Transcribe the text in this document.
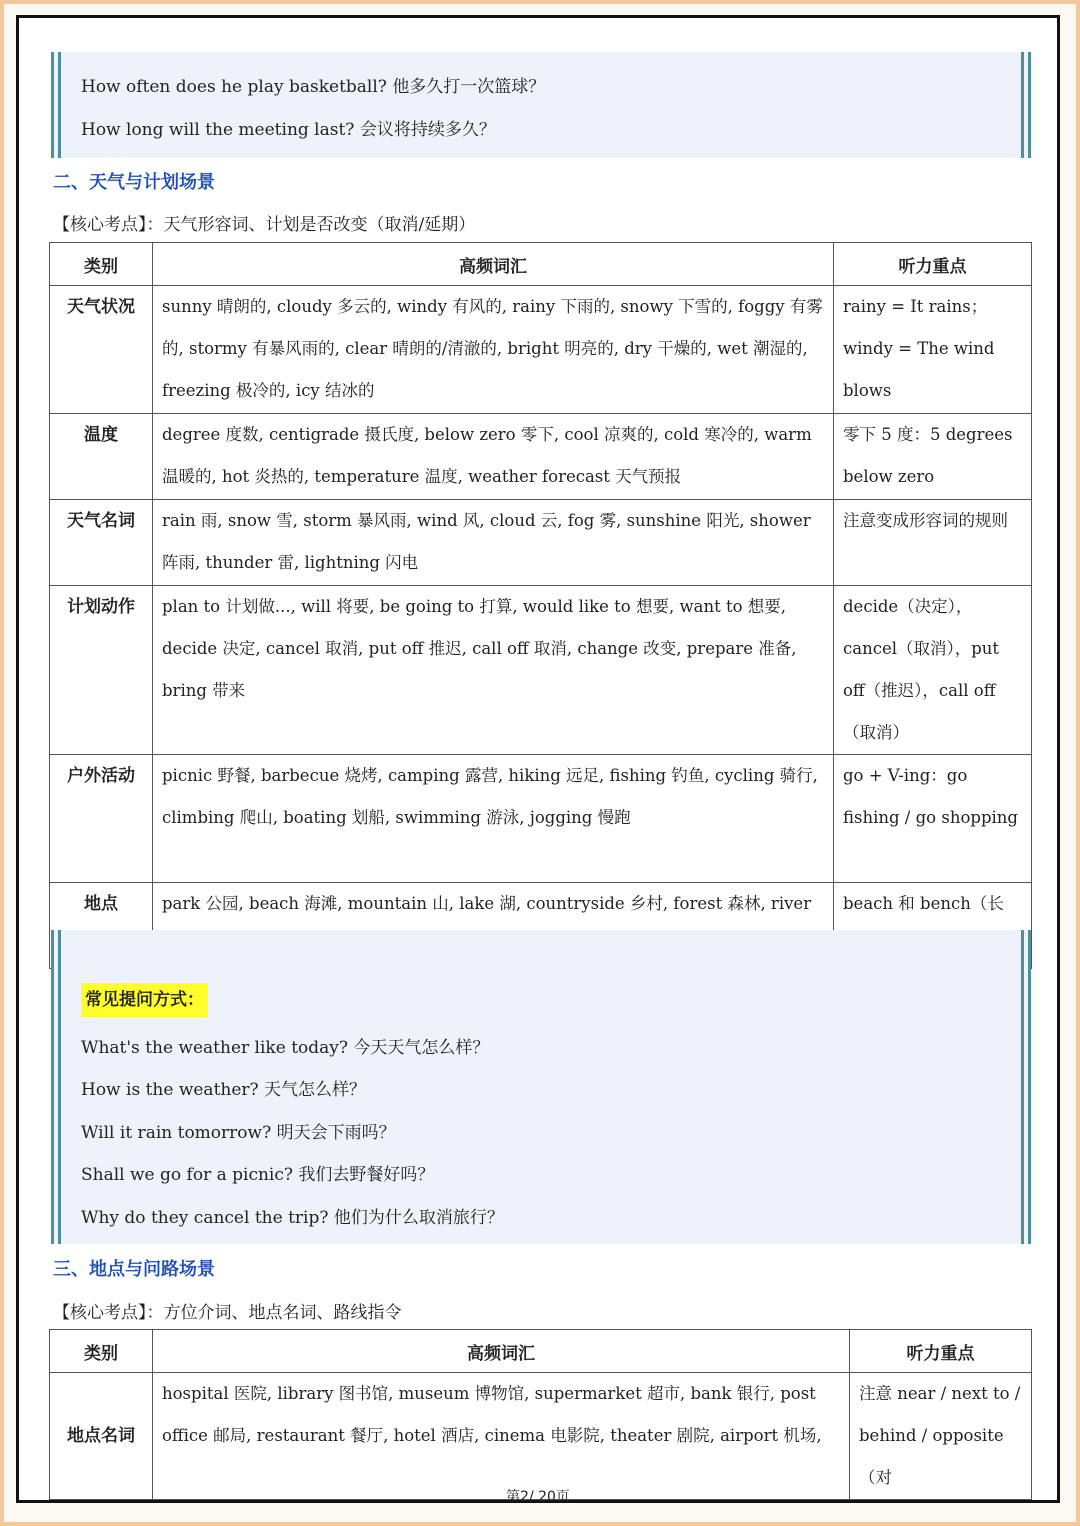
How often does he play basketball? 他多久打一次篮球？
How long will the meeting last? 会议将持续多久？
二、天气与计划场景
【核心考点】：天气形容词、计划是否改变（取消/延期）
类别	高频词汇	听力重点
天气状况	sunny 晴朗的, cloudy 多云的, windy 有风的, rainy 下雨的, snowy 下雪的, foggy 有雾的, stormy 有暴风雨的, clear 晴朗的/清澈的, bright 明亮的, dry 干燥的, wet 潮湿的, freezing 极冷的, icy 结冰的	rainy = It rains；windy = The wind blows
温度	degree 度数, centigrade 摄氏度, below zero 零下, cool 凉爽的, cold 寒冷的, warm 温暖的, hot 炎热的, temperature 温度, weather forecast 天气预报	零下 5 度：5 degrees below zero
天气名词	rain 雨, snow 雪, storm 暴风雨, wind 风, cloud 云, fog 雾, sunshine 阳光, shower 阵雨, thunder 雷, lightning 闪电	注意变成形容词的规则
计划动作	plan to 计划做..., will 将要, be going to 打算, would like to 想要, want to 想要, decide 决定, cancel 取消, put off 推迟, call off 取消, change 改变, prepare 准备, bring 带来	decide（决定），cancel（取消），put off（推迟），call off（取消）
户外活动	picnic 野餐, barbecue 烧烤, camping 露营, hiking 远足, fishing 钓鱼, cycling 骑行, climbing 爬山, boating 划船, swimming 游泳, jogging 慢跑	go + V-ing：go fishing / go shopping
地点	park 公园, beach 海滩, mountain 山, lake 湖, countryside 乡村, forest 森林, river	beach 和 bench（长
常见提问方式：
What's the weather like today? 今天天气怎么样？
How is the weather? 天气怎么样？
Will it rain tomorrow? 明天会下雨吗？
Shall we go for a picnic? 我们去野餐好吗？
Why do they cancel the trip? 他们为什么取消旅行？
三、地点与问路场景
【核心考点】：方位介词、地点名词、路线指令
类别	高频词汇	听力重点
地点名词	hospital 医院, library 图书馆, museum 博物馆, supermarket 超市, bank 银行, post office 邮局, restaurant 餐厅, hotel 酒店, cinema 电影院, theater 剧院, airport 机场,	注意 near / next to / behind / opposite（对
第2/ 20页
